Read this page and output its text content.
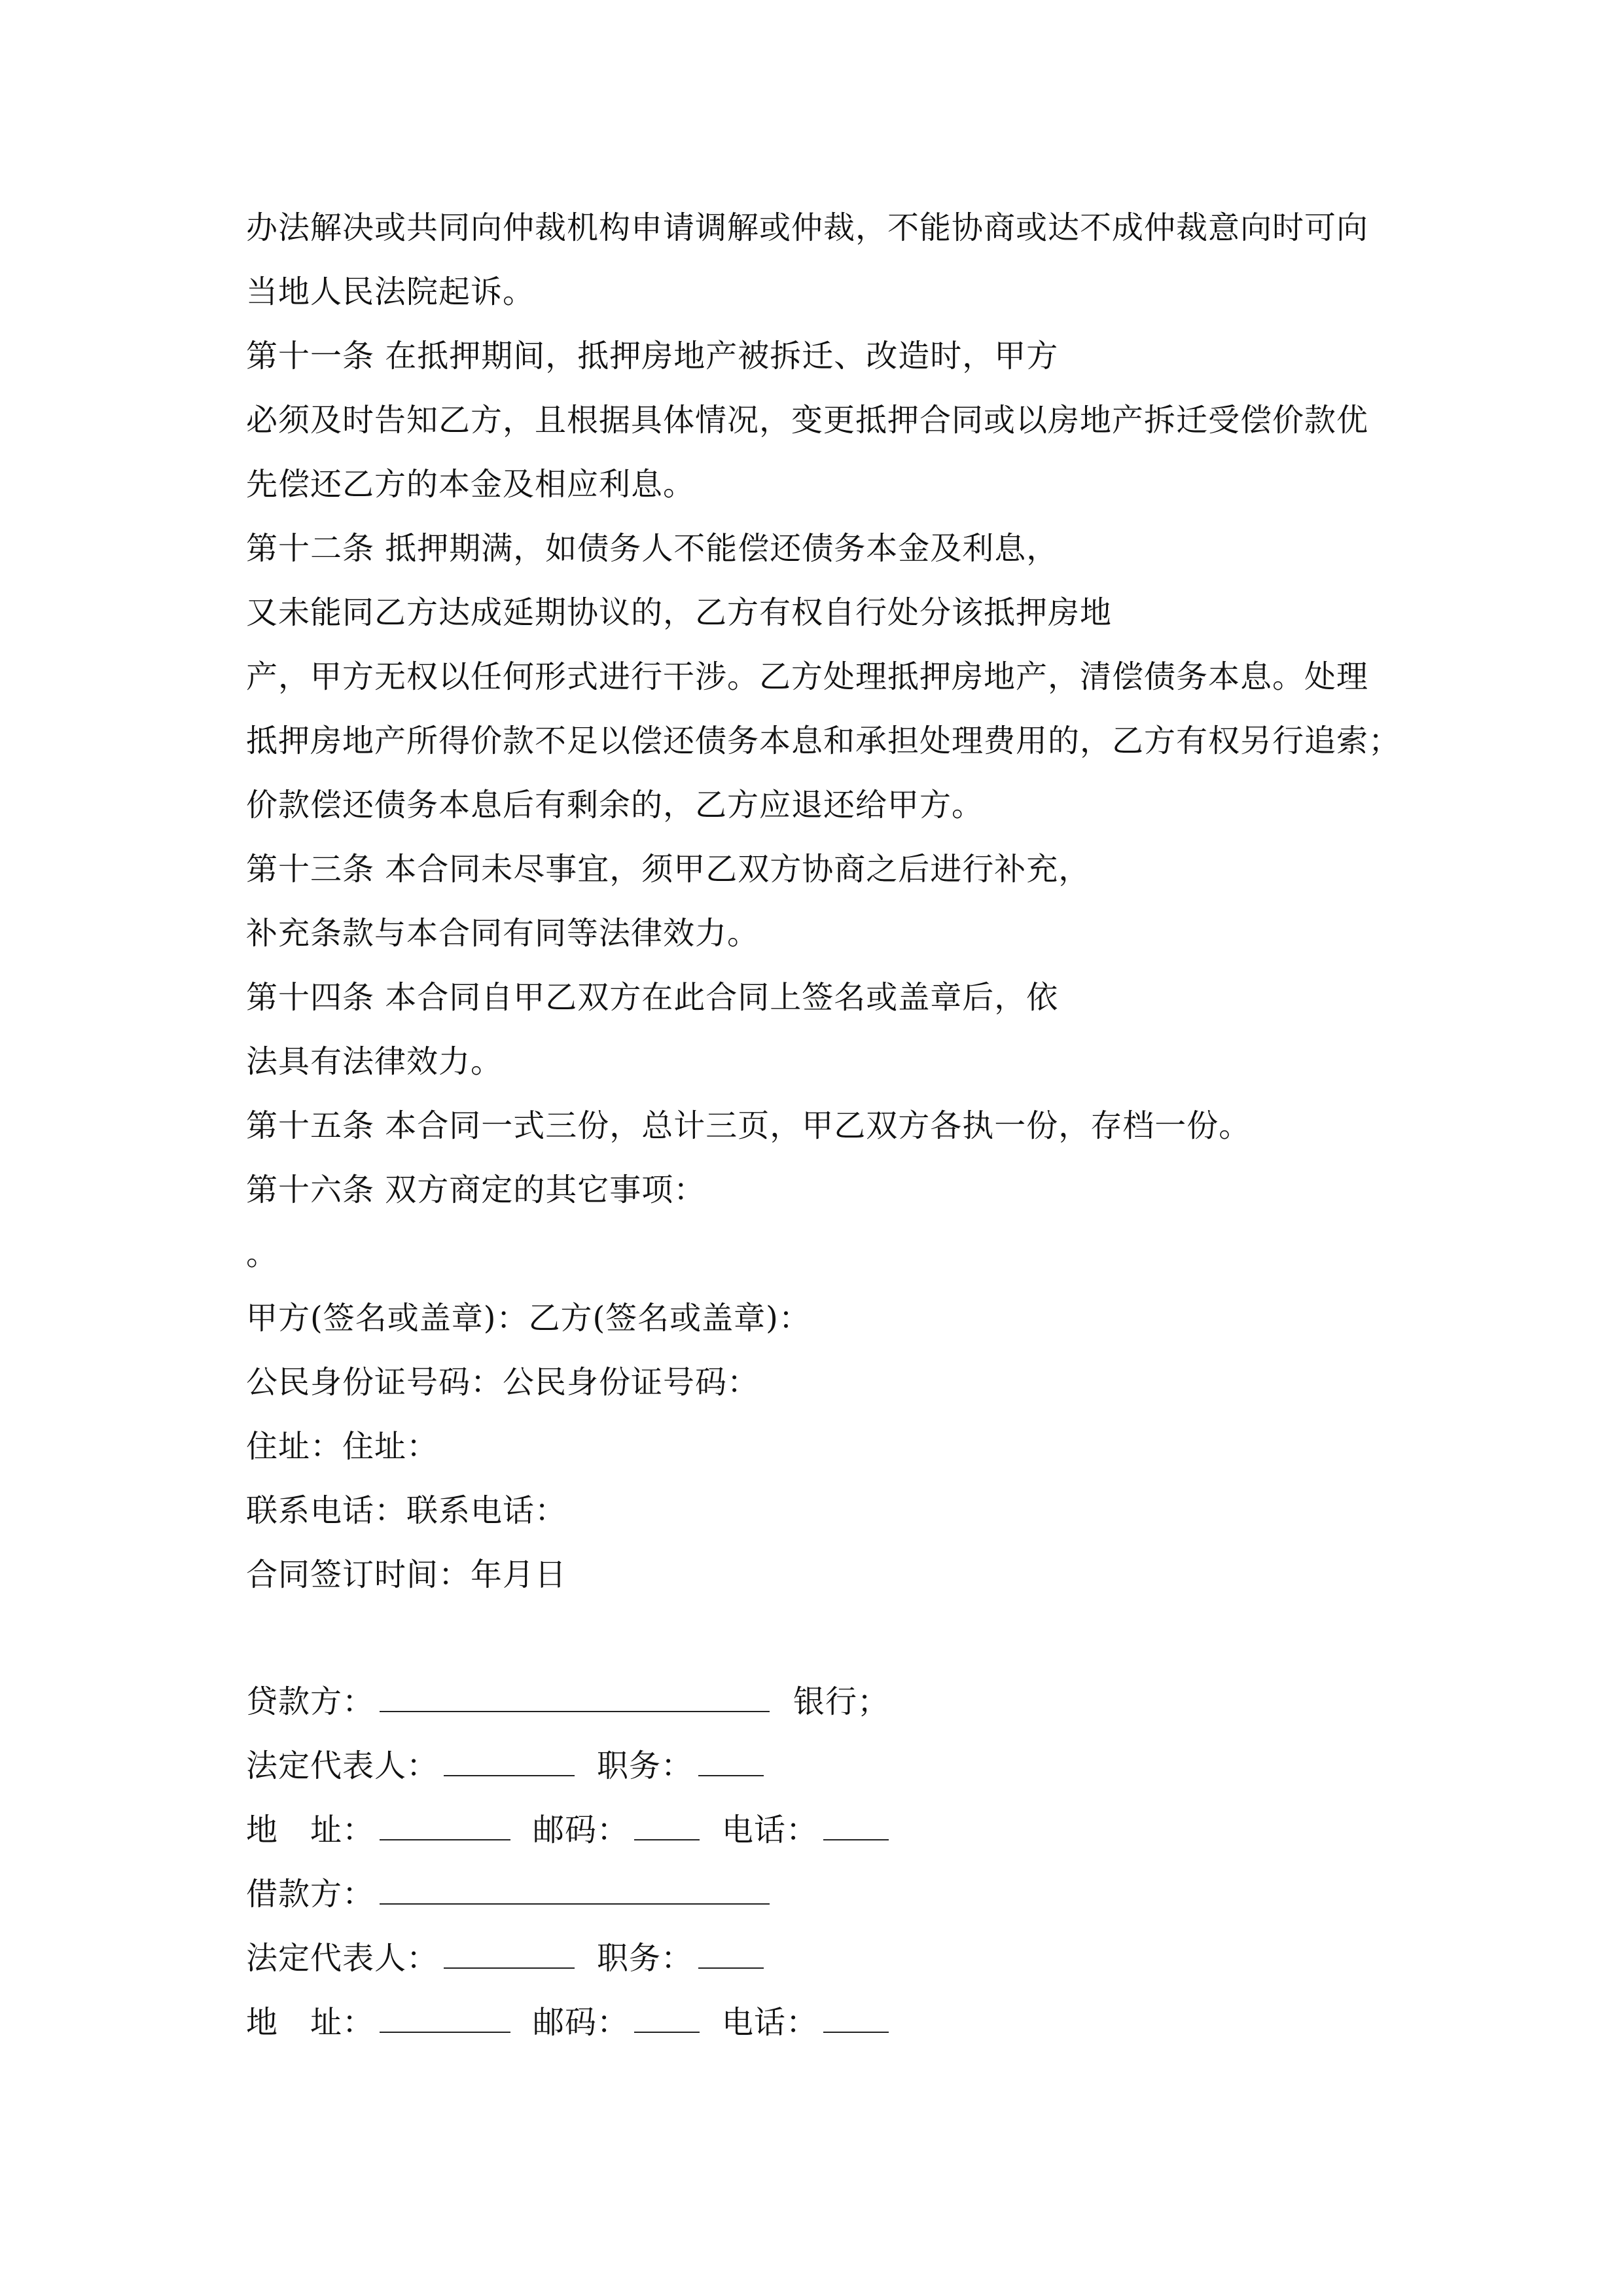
办法解决或共同向仲裁机构申请调解或仲裁，不能协商或达不成仲裁意向时可向
当地人民法院起诉。
第十一条 在抵押期间，抵押房地产被拆迁、改造时，甲方
必须及时告知乙方，且根据具体情况，变更抵押合同或以房地产拆迁受偿价款优
先偿还乙方的本金及相应利息。
第十二条 抵押期满，如债务人不能偿还债务本金及利息，
又未能同乙方达成延期协议的，乙方有权自行处分该抵押房地
产，甲方无权以任何形式进行干涉。乙方处理抵押房地产，清偿债务本息。处理
抵押房地产所得价款不足以偿还债务本息和承担处理费用的，乙方有权另行追索；
价款偿还债务本息后有剩余的，乙方应退还给甲方。
第十三条 本合同未尽事宜，须甲乙双方协商之后进行补充，
补充条款与本合同有同等法律效力。
第十四条 本合同自甲乙双方在此合同上签名或盖章后，依
法具有法律效力。
第十五条 本合同一式三份，总计三页，甲乙双方各执一份，存档一份。
第十六条 双方商定的其它事项：
。
甲方(签名或盖章)：乙方(签名或盖章)：
公民身份证号码：公民身份证号码：
住址：住址：
联系电话：联系电话：
合同签订时间：年月日
贷款方：	银行；
法定代表人：	职务：
地　址：	邮码：	电话：
借款方：
法定代表人：	职务：
地　址：	邮码：	电话：
